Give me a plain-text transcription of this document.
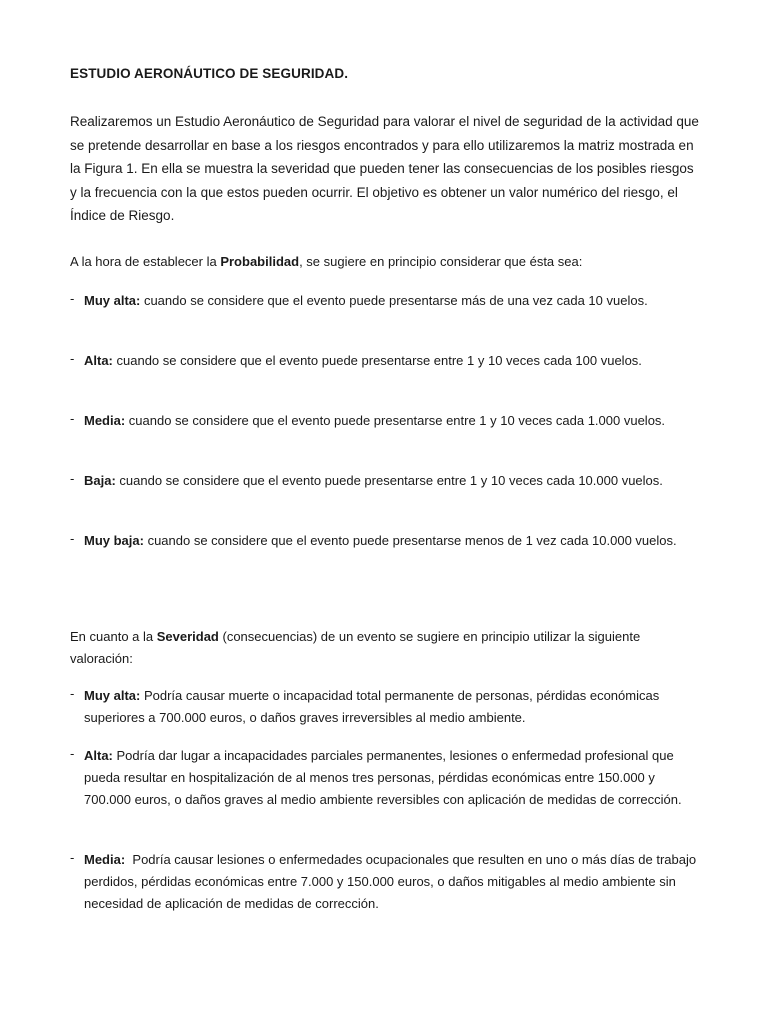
ESTUDIO AERONÁUTICO DE SEGURIDAD.

Realizaremos un Estudio Aeronáutico de Seguridad para valorar el nivel de seguridad de la actividad que se pretende desarrollar en base a los riesgos encontrados y para ello utilizaremos la matriz mostrada en la Figura 1. En ella se muestra la severidad que pueden tener las consecuencias de los posibles riesgos y la frecuencia con la que estos pueden ocurrir. El objetivo es obtener un valor numérico del riesgo, el Índice de Riesgo.

A la hora de establecer la Probabilidad, se sugiere en principio considerar que ésta sea:

- Muy alta: cuando se considere que el evento puede presentarse más de una vez cada 10 vuelos.
- Alta: cuando se considere que el evento puede presentarse entre 1 y 10 veces cada 100 vuelos.
- Media: cuando se considere que el evento puede presentarse entre 1 y 10 veces cada 1.000 vuelos.
- Baja: cuando se considere que el evento puede presentarse entre 1 y 10 veces cada 10.000 vuelos.
- Muy baja: cuando se considere que el evento puede presentarse menos de 1 vez cada 10.000 vuelos.

En cuanto a la Severidad (consecuencias) de un evento se sugiere en principio utilizar la siguiente valoración:

- Muy alta: Podría causar muerte o incapacidad total permanente de personas, pérdidas económicas superiores a 700.000 euros, o daños graves irreversibles al medio ambiente.
- Alta: Podría dar lugar a incapacidades parciales permanentes, lesiones o enfermedad profesional que pueda resultar en hospitalización de al menos tres personas, pérdidas económicas entre 150.000 y 700.000 euros, o daños graves al medio ambiente reversibles con aplicación de medidas de corrección.
- Media:  Podría causar lesiones o enfermedades ocupacionales que resulten en uno o más días de trabajo perdidos, pérdidas económicas entre 7.000 y 150.000 euros, o daños mitigables al medio ambiente sin necesidad de aplicación de medidas de corrección.
